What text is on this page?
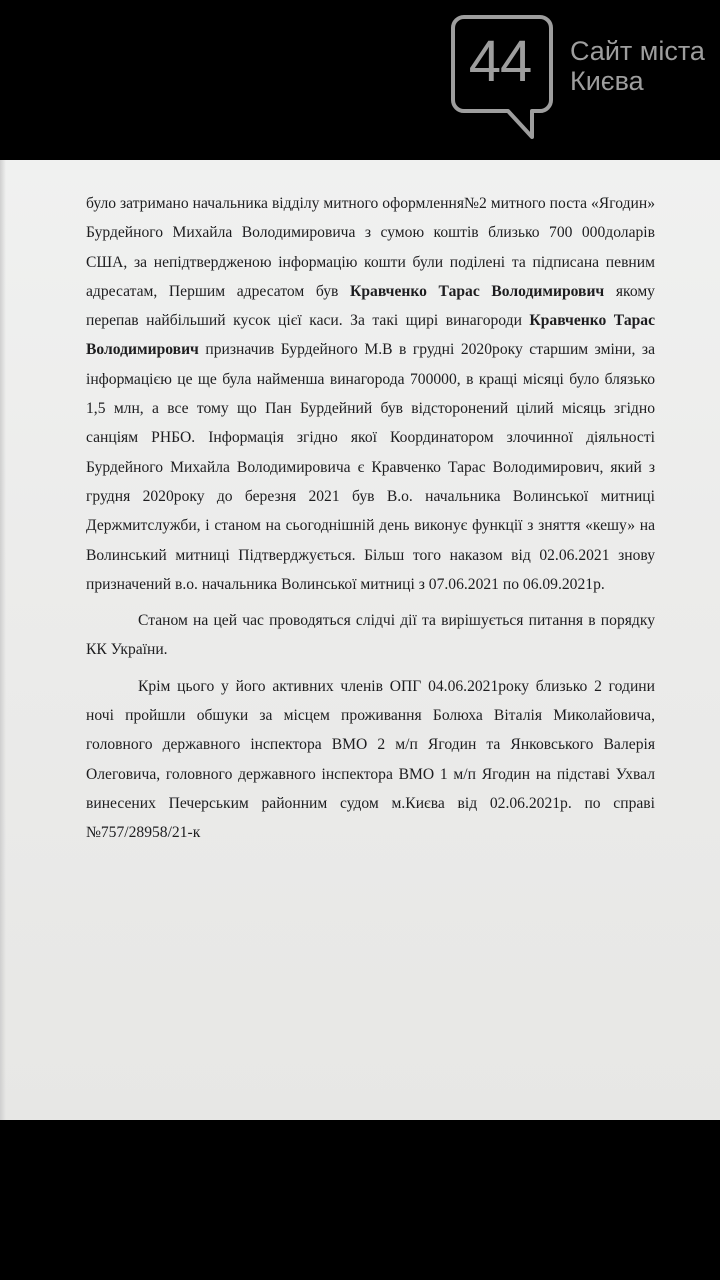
44	Сайт міста
Києва

було затримано начальника відділу митного оформлення№2 митного поста «Ягодин» Бурдейного Михайла Володимировича з сумою коштів близько 700 000доларів США, за непідтвердженою інформацію кошти були поділені та підписана певним адресатам, Першим адресатом був Кравченко Тарас Володимирович якому перепав найбільший кусок цієї каси. За такі щирі винагороди Кравченко Тарас Володимирович призначив Бурдейного М.В в грудні 2020року старшим зміни, за інформацією це ще була найменша винагорода 700000, в кращі місяці було блязько 1,5 млн, а все тому що Пан Бурдейний був відсторонений цілий місяць згідно санціям РНБО. Інформація згідно якої Координатором злочинної діяльності Бурдейного Михайла Володимировича є Кравченко Тарас Володимирович, який з грудня 2020року до березня 2021 був В.о. начальника Волинської митниці Держмитслужби, і станом на сьогоднішній день виконує функції з зняття «кешу» на Волинський митниці Підтверджується. Більш того наказом від 02.06.2021 знову призначений в.о. начальника Волинської митниці з 07.06.2021 по 06.09.2021р.

Станом на цей час проводяться слідчі дії та вирішується питання в порядку КК України.

Крім цього у його активних членів ОПГ 04.06.2021року близько 2 години ночі пройшли обшуки за місцем проживання Болюха Віталія Миколайовича, головного державного інспектора ВМО 2 м/п Ягодин та Янковського Валерія Олеговича, головного державного інспектора ВМО 1 м/п Ягодин на підставі Ухвал винесених Печерським районним судом м.Києва від 02.06.2021р. по справі №757/28958/21-к
